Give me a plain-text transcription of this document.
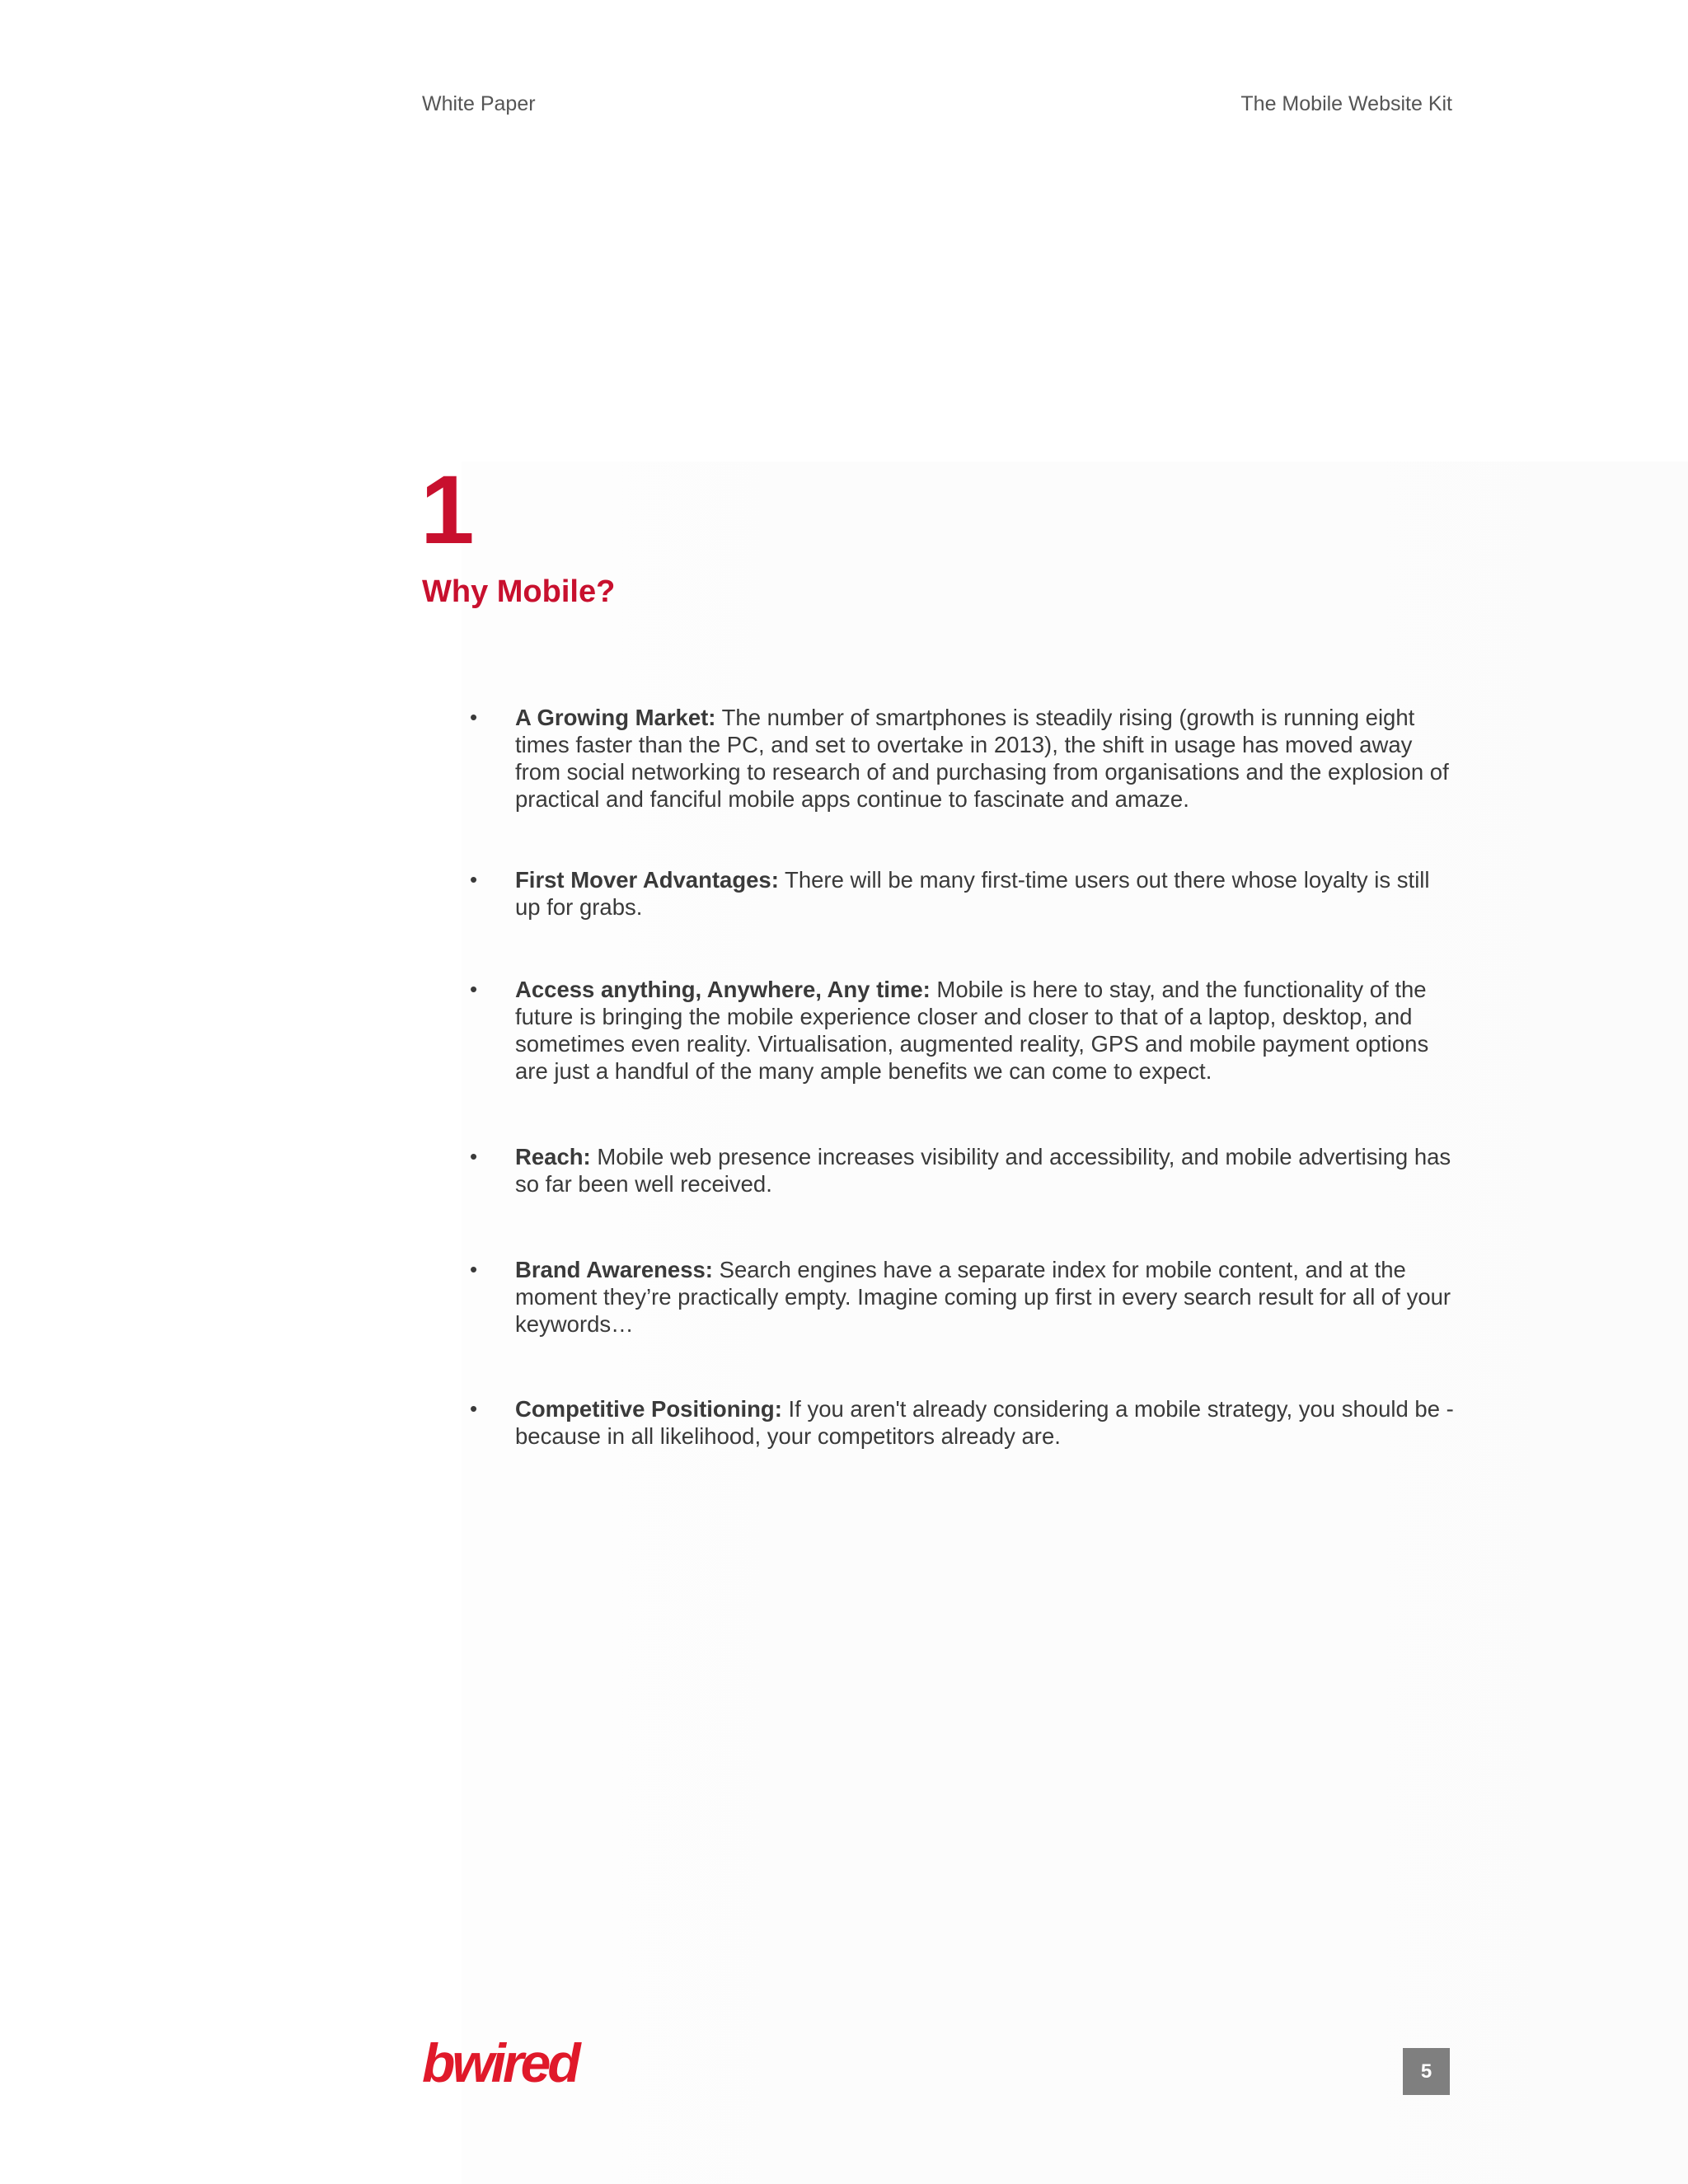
White Paper	The Mobile Website Kit
1
Why Mobile?
•	A Growing Market: The number of smartphones is steadily rising (growth is running eight times faster than the PC, and set to overtake in 2013), the shift in usage has moved away from social networking to research of and purchasing from organisations and the explosion of practical and fanciful mobile apps continue to fascinate and amaze.
•	First Mover Advantages: There will be many first-time users out there whose loyalty is still up for grabs.
•	Access anything, Anywhere, Any time: Mobile is here to stay, and the functionality of the future is bringing the mobile experience closer and closer to that of a laptop, desktop, and sometimes even reality. Virtualisation, augmented reality, GPS and mobile payment options are just a handful of the many ample benefits we can come to expect.
•	Reach: Mobile web presence increases visibility and accessibility, and mobile advertising has so far been well received.
•	Brand Awareness: Search engines have a separate index for mobile content, and at the moment they’re practically empty. Imagine coming up first in every search result for all of your keywords…
•	Competitive Positioning: If you aren't already considering a mobile strategy, you should be - because in all likelihood, your competitors already are.
bwired	5
